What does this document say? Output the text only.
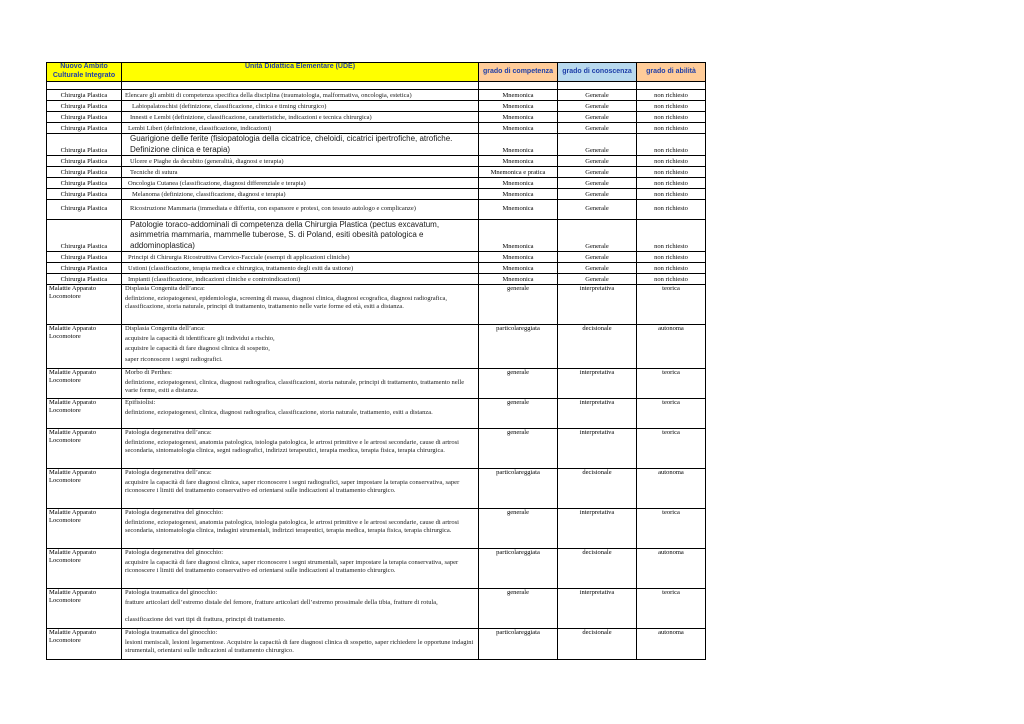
Nuovo Ambito Culturale Integrato	Unità Didattica Elementare (UDE)	grado di competenza	grado di conoscenza	grado di abilità

Chirurgia Plastica	Elencare gli ambiti di competenza specifica della disciplina (traumatologia, malformativa, oncologia, estetica)	Mnemonica	Generale	non richiesto
Chirurgia Plastica	Labiopalatoschisi (definizione, classificazione, clinica e timing chirurgico)	Mnemonica	Generale	non richiesto
Chirurgia Plastica	Innesti e Lembi (definizione, classificazione, caratteristiche, indicazioni e tecnica chirurgica)	Mnemonica	Generale	non richiesto
Chirurgia Plastica	Lembi Liberi (definizione, classificazione, indicazioni)	Mnemonica	Generale	non richiesto
Chirurgia Plastica	Guarigione delle ferite (fisiopatologia della cicatrice, cheloidi, cicatrici ipertrofiche, atrofiche. Definizione clinica e terapia)	Mnemonica	Generale	non richiesto
Chirurgia Plastica	Ulcere e Piaghe da decubito (generalità, diagnosi e terapia)	Mnemonica	Generale	non richiesto
Chirurgia Plastica	Tecniche di sutura	Mnemonica e pratica	Generale	non richiesto
Chirurgia Plastica	Oncologia Cutanea (classificazione, diagnosi differenziale e terapia)	Mnemonica	Generale	non richiesto
Chirurgia Plastica	Melanoma (definizione, classificazione, diagnosi e terapia)	Mnemonica	Generale	non richiesto
Chirurgia Plastica	Ricostruzione Mammaria (immediata e differita, con espansore e protesi, con tessuto autologo e complicanze)	Mnemonica	Generale	non richiesto
Chirurgia Plastica	Patologie toraco-addominali di competenza della Chirurgia Plastica (pectus excavatum, asimmetria mammaria, mammelle tuberose, S. di Poland, esiti obesità patologica e addominoplastica)	Mnemonica	Generale	non richiesto
Chirurgia Plastica	Principi di Chirurgia Ricostruttiva Cervico-Facciale (esempi di applicazioni cliniche)	Mnemonica	Generale	non richiesto
Chirurgia Plastica	Ustioni (classificazione, terapia medica e chirurgica, trattamento degli esiti da ustione)	Mnemonica	Generale	non richiesto
Chirurgia Plastica	Impianti (classificazione, indicazioni cliniche e controindicazioni)	Mnemonica	Generale	non richiesto
Malattie Apparato Locomotore	Displasia Congenita dell’anca:
definizione, eziopatogenesi, epidemiologia, screening di massa, diagnosi clinica, diagnosi ecografica, diagnosi radiografica, classificazione, storia naturale, principi di trattamento, trattamento nelle varie forme ed età, esiti a distanza.	generale	interpretativa	teorica
Malattie Apparato Locomotore	Displasia Congenita dell’anca:
acquisire la capacità di identificare gli individui a rischio,
acquisire le capacità di fare diagnosi clinica di sospetto,
saper riconoscere i segni radiografici.	particolareggiata	decisionale	autonoma
Malattie Apparato Locomotore	Morbo di Perthes:
definizione, eziopatogenesi, clinica, diagnosi radiografica, classificazioni, storia naturale, principi di trattamento, trattamento nelle varie forme, esiti a distanza.	generale	interpretativa	teorica
Malattie Apparato Locomotore	Epifisiolisi:
definizione, eziopatogenesi, clinica, diagnosi radiografica, classificazione, storia naturale, trattamento, esiti a distanza.	generale	interpretativa	teorica
Malattie Apparato Locomotore	Patologia degenerativa dell’anca:
definizione, eziopatogenesi, anatomia patologica, istologia patologica, le artrosi primitive e le artrosi secondarie, cause di artrosi secondaria, sintomatologia clinica, segni radiografici, indirizzi terapeutici, terapia medica, terapia fisica, terapia chirurgica.	generale	interpretativa	teorica
Malattie Apparato Locomotore	Patologia degenerativa dell’anca:
acquisire la capacità di fare diagnosi clinica, saper riconoscere i segni radiografici, saper impostare la terapia conservativa, saper riconoscere i limiti del trattamento conservativo ed orientarsi sulle indicazioni al trattamento chirurgico.	particolareggiata	decisionale	autonoma
Malattie Apparato Locomotore	Patologia degenerativa del ginocchio:
definizione, eziopatogenesi, anatomia patologica, istologia patologica, le artrosi primitive e le artrosi secondarie, cause di artrosi secondaria, sintomatologia clinica, indagini strumentali, indirizzi terapeutici, terapia medica, terapia fisica, terapia chirurgica.	generale	interpretativa	teorica
Malattie Apparato Locomotore	Patologia degenerativa del ginocchio:
acquisire la capacità di fare diagnosi clinica, saper riconoscere i segni strumentali, saper impostare la terapia conservativa, saper riconoscere i limiti del trattamento conservativo ed orientarsi sulle indicazioni al trattamento chirurgico.	particolareggiata	decisionale	autonoma
Malattie Apparato Locomotore	Patologia traumatica del ginocchio:
fratture articolari dell’estremo distale del femore, fratture articolari dell’estremo prossimale della tibia, fratture di rotula,
classificazione dei vari tipi di frattura, principi di trattamento.	generale	interpretativa	teorica
Malattie Apparato Locomotore	Patologia traumatica del ginocchio:
lesioni meniscali, lesioni legamentose. Acquisire la capacità di fare diagnosi clinica di sospetto, saper richiedere le opportune indagini strumentali, orientarsi sulle indicazioni al trattamento chirurgico.	particolareggiata	decisionale	autonoma
